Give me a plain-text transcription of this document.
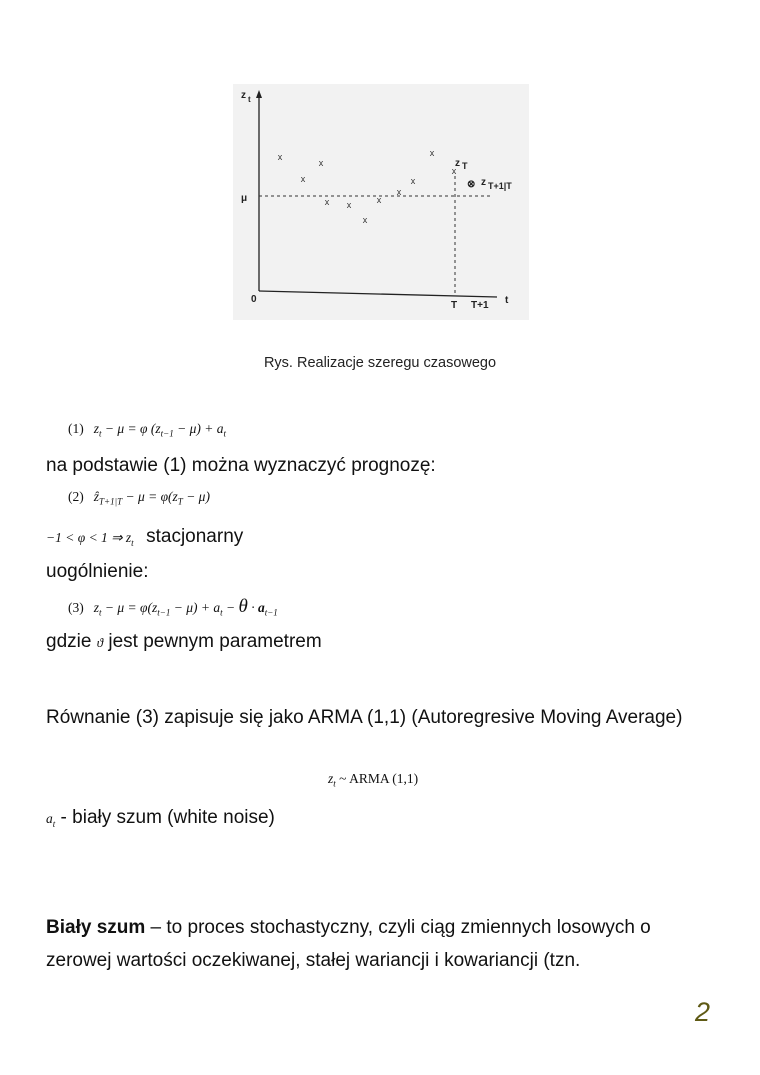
z t
μ
0	t
T T+1
z T
⊗ z T+1|T
x
x
x
x x
x
x
x
x
x
x
Rys. Realizacje szeregu czasowego
(1) $z_t - \mu = \varphi$ $(z_{t-1} - \mu) + a_t$
na podstawie (1) można wyznaczyć prognozę:
(2) ẑ$_{T+1|T}$ − $\mu = \varphi(z_T - \mu)$
−1 < φ < 1 ⇒ $z_t$ stacjonarny
uogólnienie:
(3) $z_t - \mu = \varphi(z_{t-1} - \mu) + a_t - \theta \cdot a_{t-1}$
gdzie ϑ jest pewnym parametrem
Równanie (3) zapisuje się jako ARMA (1,1) (Autoregresive Moving Average)
$z_t$ ~ ARMA (1,1)
$a_t$ - biały szum (white noise)
Biały szum – to proces stochastyczny, czyli ciąg zmiennych losowych o zerowej wartości oczekiwanej, stałej wariancji i kowariancji (tzn.
2
